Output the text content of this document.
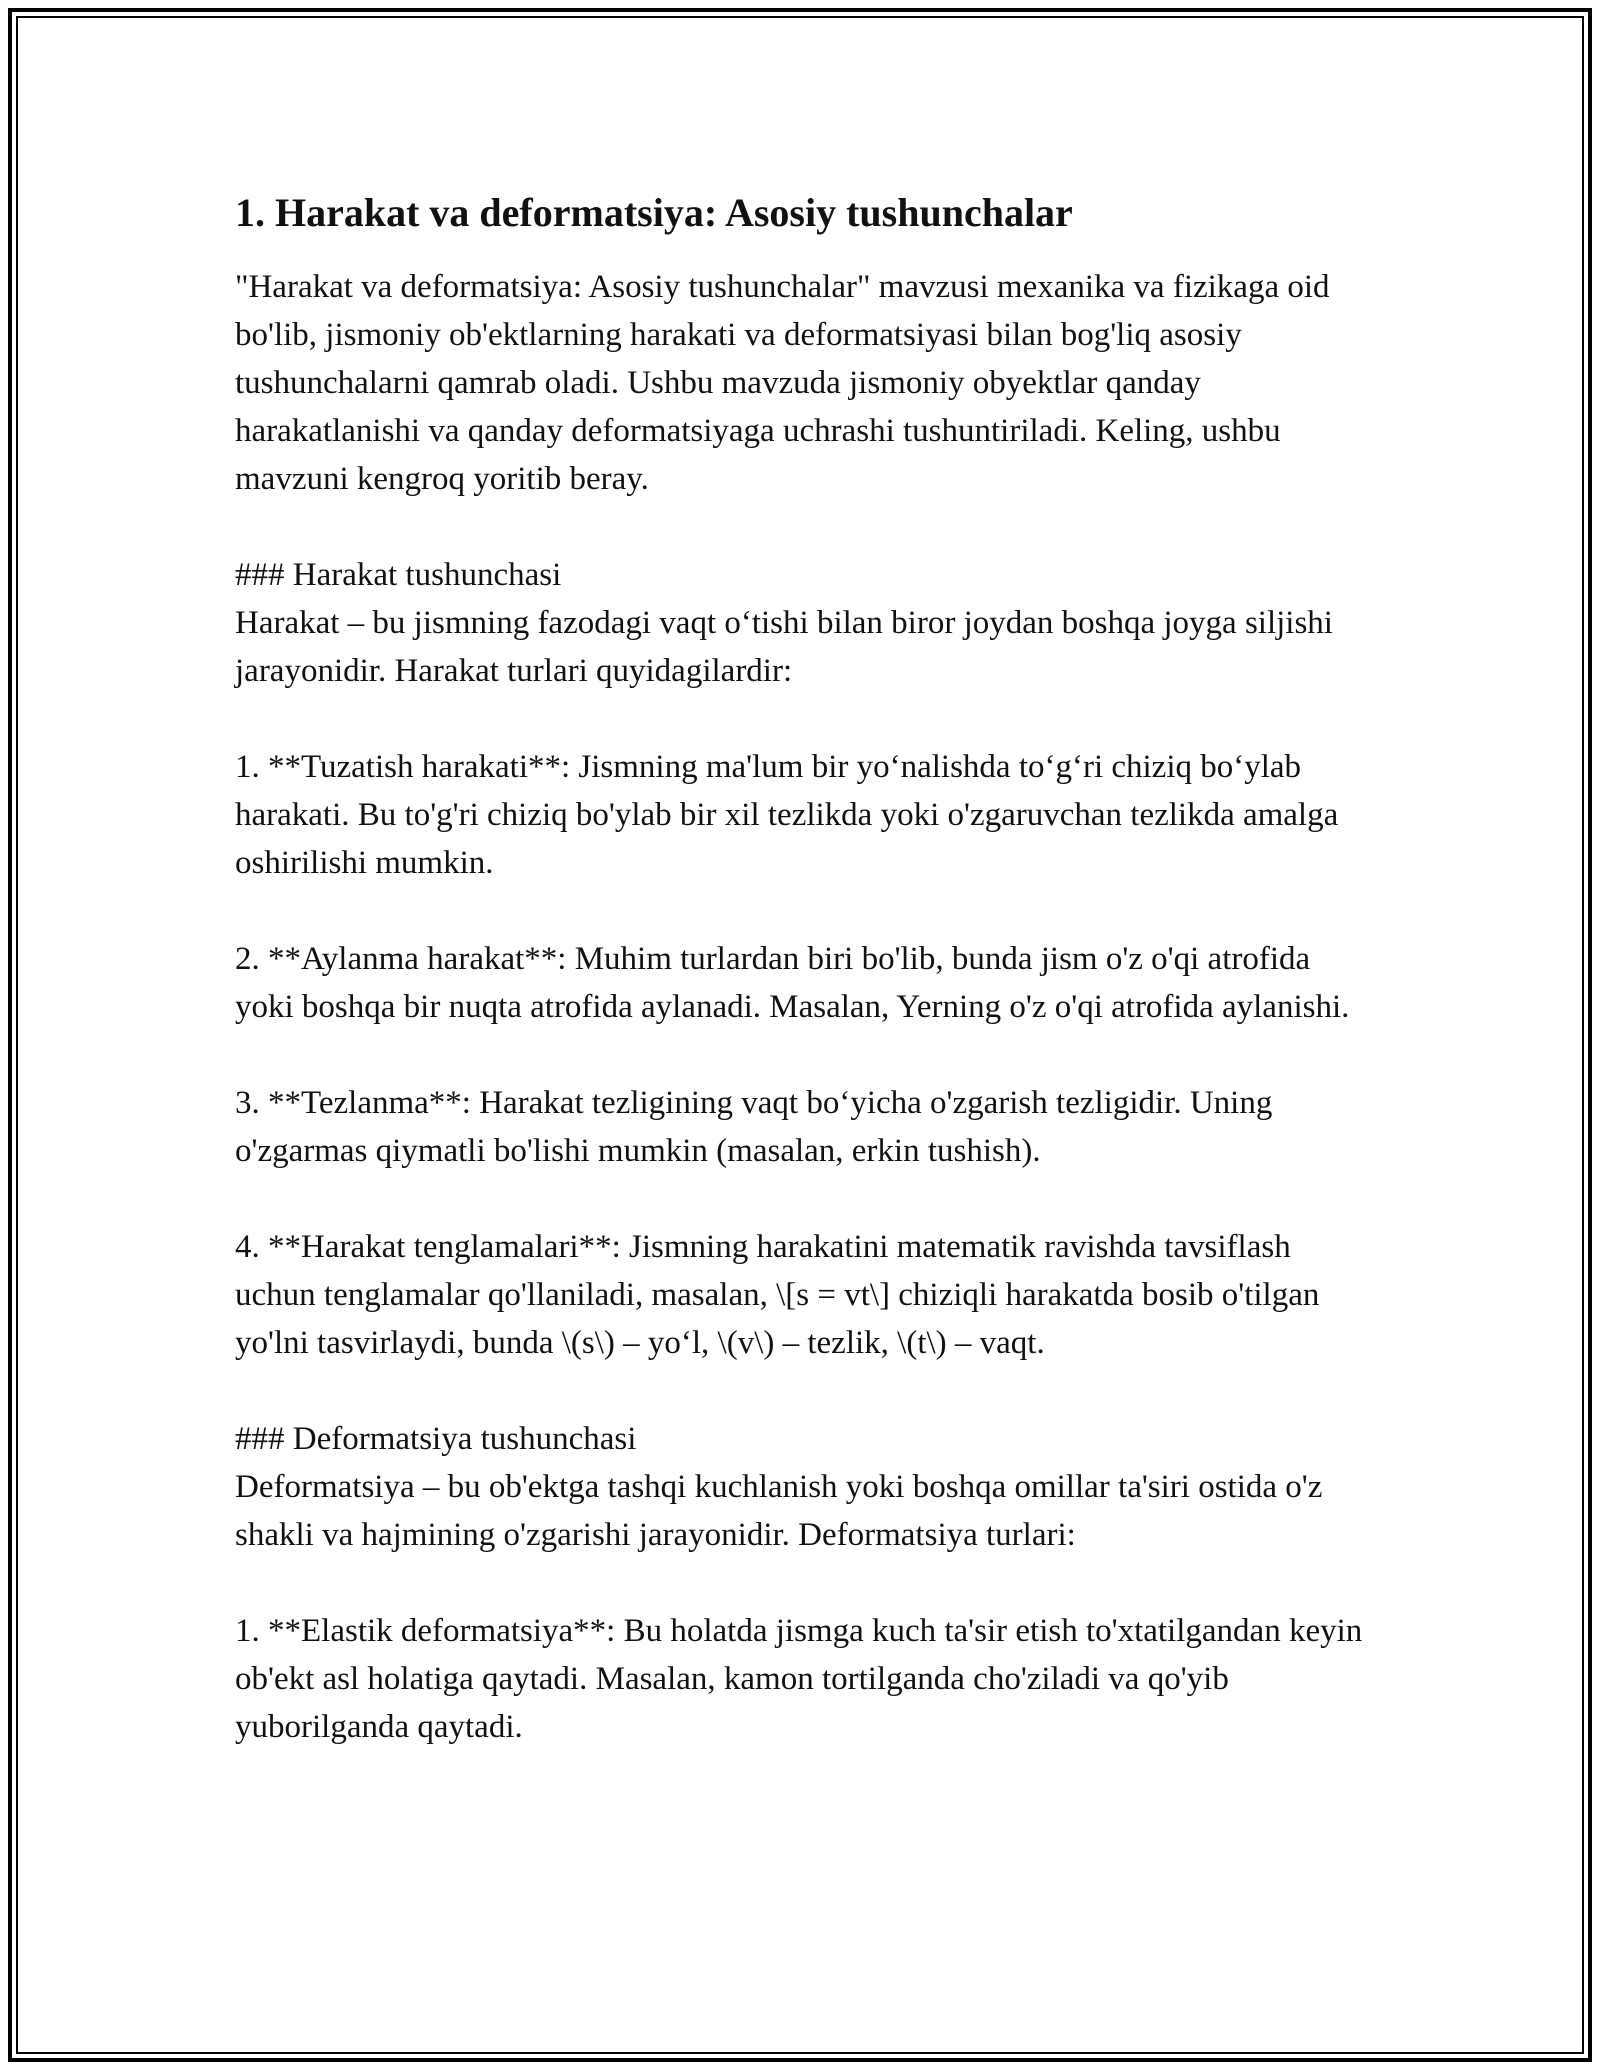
1. Harakat va deformatsiya: Asosiy tushunchalar

"Harakat va deformatsiya: Asosiy tushunchalar" mavzusi mexanika va fizikaga oid bo'lib, jismoniy ob'ektlarning harakati va deformatsiyasi bilan bog'liq asosiy tushunchalarni qamrab oladi. Ushbu mavzuda jismoniy obyektlar qanday harakatlanishi va qanday deformatsiyaga uchrashi tushuntiriladi. Keling, ushbu mavzuni kengroq yoritib beray.

### Harakat tushunchasi

Harakat – bu jismning fazodagi vaqt o‘tishi bilan biror joydan boshqa joyga siljishi jarayonidir. Harakat turlari quyidagilardir:

1. **Tuzatish harakati**: Jismning ma'lum bir yo‘nalishda to‘g‘ri chiziq bo‘ylab harakati. Bu to'g'ri chiziq bo'ylab bir xil tezlikda yoki o'zgaruvchan tezlikda amalga oshirilishi mumkin.

2. **Aylanma harakat**: Muhim turlardan biri bo'lib, bunda jism o'z o'qi atrofida yoki boshqa bir nuqta atrofida aylanadi. Masalan, Yerning o'z o'qi atrofida aylanishi.

3. **Tezlanma**: Harakat tezligining vaqt bo‘yicha o'zgarish tezligidir. Uning o'zgarmas qiymatli bo'lishi mumkin (masalan, erkin tushish).

4. **Harakat tenglamalari**: Jismning harakatini matematik ravishda tavsiflash uchun tenglamalar qo'llaniladi, masalan, \[s = vt\] chiziqli harakatda bosib o'tilgan yo'lni tasvirlaydi, bunda \(s\) – yo‘l, \(v\) – tezlik, \(t\) – vaqt.

### Deformatsiya tushunchasi

Deformatsiya – bu ob'ektga tashqi kuchlanish yoki boshqa omillar ta'siri ostida o'z shakli va hajmining o'zgarishi jarayonidir. Deformatsiya turlari:

1. **Elastik deformatsiya**: Bu holatda jismga kuch ta'sir etish to'xtatilgandan keyin ob'ekt asl holatiga qaytadi. Masalan, kamon tortilganda cho'ziladi va qo'yib yuborilganda qaytadi.
